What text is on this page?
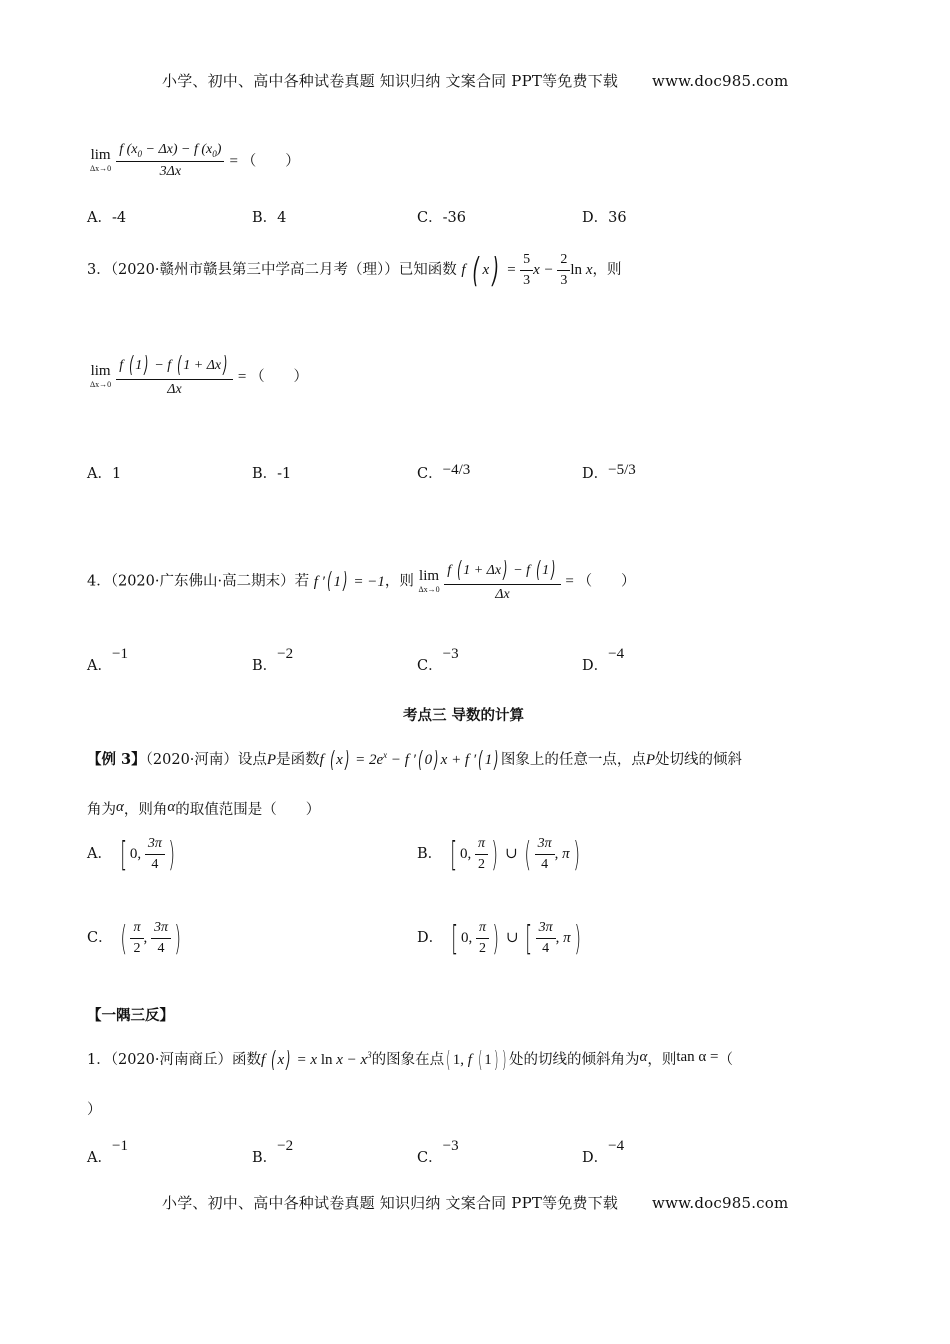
小学、初中、高中各种试卷真题 知识归纳 文案合同 PPT等免费下载 www.doc985.com
lim
Δx→0
$\frac{f (x_0 - \Delta x) - f (x_0)}{3\Delta x}$ = （　　）
A．-4	B．4	C．-36	D．36
3．（2020·赣州市赣县第三中学高二月考（理））已知函数 f ( $x) = \frac{5}{3}$ $x - \frac{2}{3}$ ln x，则
lim
Δx→0
$\frac{f ( 1) - f ( 1 + \Delta x)}{\Delta x}$ = （　　）
A．1	B．-1	C．−4/3	D．−5/3
4．（2020·广东佛山·高二期末）若 f ′( 1) = −1，则 lim
Δx→0
$\frac{f ( 1 + \Delta x) - f ( 1)}{\Delta x}$ = （　　）
A．−1
B．−2
C．−3
D．−4
考点三 导数的计算
【例 3】（2020·河南）设点P是函数f ( $x) = 2e^x - f$ ′( 0) x + f ′( 1) 图象上的任意一点，点P处切线的倾斜
角为α，则角α的取值范围是（　　）
A． [ 0, $\frac{3\pi}{4}$ )	B． [ 0, $\frac{\pi}{2}$ ) ∪ ( $\frac{3\pi}{4}$ , π)
C． ( $\frac{\pi}{2}$ , $\frac{3\pi}{4}$ )	D． [ 0, $\frac{\pi}{2}$ ) ∪ [ $\frac{3\pi}{4}$ , π)
【一隅三反】
1．（2020·河南商丘）函数f ( x) = x $\ln x - x^3$的图象在点( 1, f ( 1) ) 处的切线的倾斜角为α，则tan α =（
）
A．−1
B．−2
C．−3
D．−4
小学、初中、高中各种试卷真题 知识归纳 文案合同 PPT等免费下载 www.doc985.com
